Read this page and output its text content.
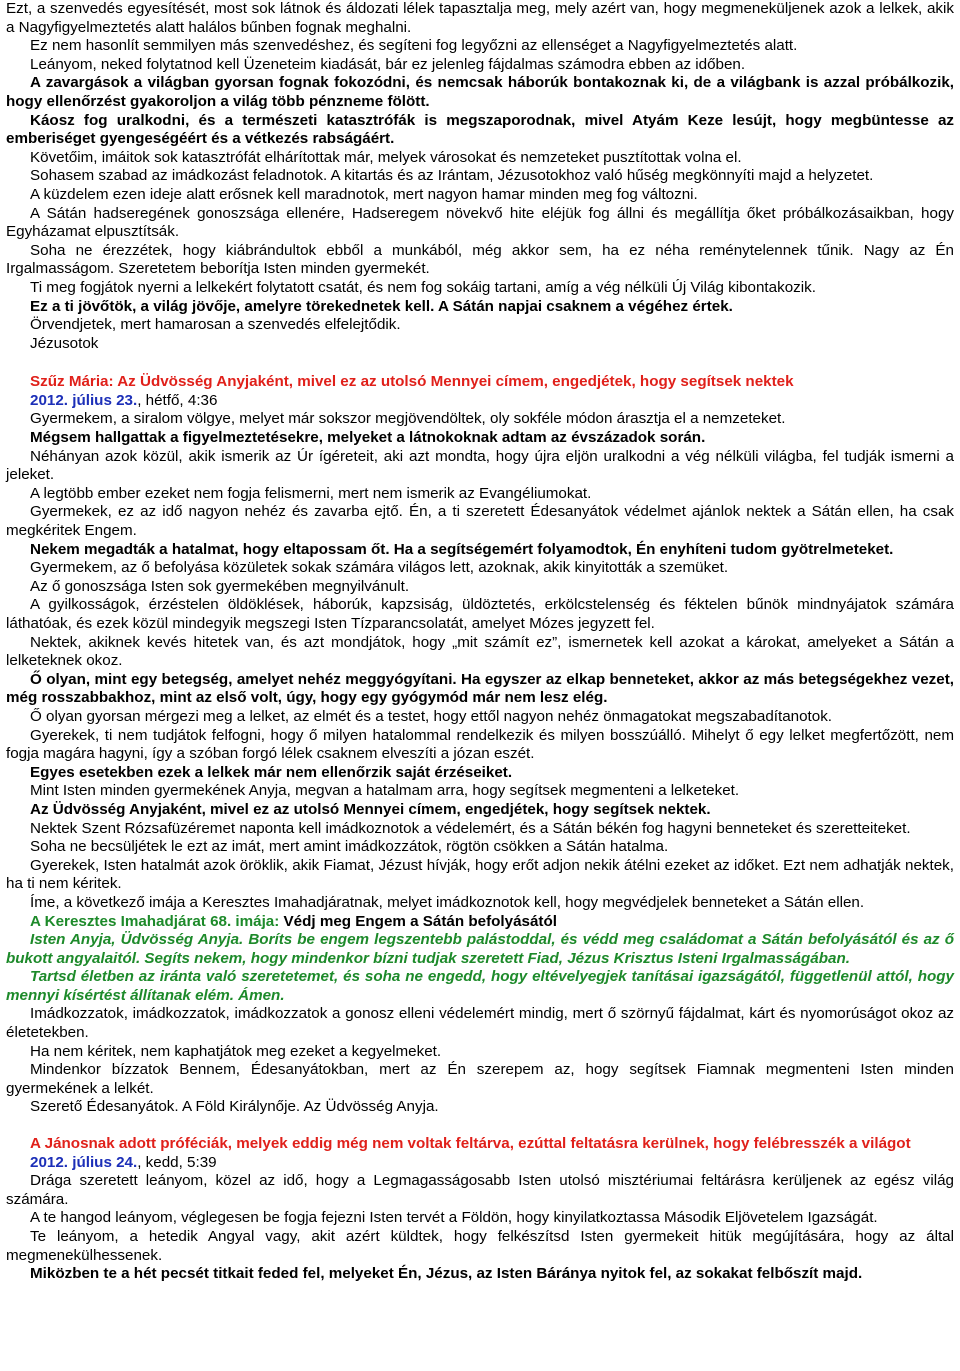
Ezt, a szenvedés egyesítését, most sok látnok és áldozati lélek tapasztalja meg, mely azért van, hogy megmeneküljenek azok a lelkek, akik a Nagyfigyelmeztetés alatt halálos bűnben fognak meghalni.

Ez nem hasonlít semmilyen más szenvedéshez, és segíteni fog legyőzni az ellenséget a Nagyfigyelmeztetés alatt.

Leányom, neked folytatnod kell Üzeneteim kiadását, bár ez jelenleg fájdalmas számodra ebben az időben.

A zavargások a világban gyorsan fognak fokozódni, és nemcsak háborúk bontakoznak ki, de a világbank is azzal próbálkozik, hogy ellenőrzést gyakoroljon a világ több pénzneme fölött.

Káosz fog uralkodni, és a természeti katasztrófák is megszaporodnak, mivel Atyám Keze lesújt, hogy megbüntesse az emberiséget gyengeségéért és a vétkezés rabságáért.

Követőim, imáitok sok katasztrófát elhárítottak már, melyek városokat és nemzeteket pusztítottak volna el.

Sohasem szabad az imádkozást feladnotok. A kitartás és az Irántam, Jézusotokhoz való hűség megkönnyíti majd a helyzetet.

A küzdelem ezen ideje alatt erősnek kell maradnotok, mert nagyon hamar minden meg fog változni.

A Sátán hadseregének gonoszsága ellenére, Hadseregem növekvő hite eléjük fog állni és megállítja őket próbálkozásaikban, hogy Egyházamat elpusztítsák.

Soha ne érezzétek, hogy kiábrándultok ebből a munkából, még akkor sem, ha ez néha reménytelennek tűnik. Nagy az Én Irgalmasságom. Szeretetem beborítja Isten minden gyermekét.

Ti meg fogjátok nyerni a lelkekért folytatott csatát, és nem fog sokáig tartani, amíg a vég nélküli Új Világ kibontakozik.

Ez a ti jövőtök, a világ jövője, amelyre törekednetek kell. A Sátán napjai csaknem a végéhez értek.

Örvendjetek, mert hamarosan a szenvedés elfelejtődik.

Jézusotok

Szűz Mária: Az Üdvösség Anyjaként, mivel ez az utolsó Mennyei címem, engedjétek, hogy segítsek nektek

2012. július 23., hétfő, 4:36

Gyermekem, a siralom völgye, melyet már sokszor megjövendöltek, oly sokféle módon árasztja el a nemzeteket.

Mégsem hallgattak a figyelmeztetésekre, melyeket a látnokoknak adtam az évszázadok során.

Néhányan azok közül, akik ismerik az Úr ígéreteit, aki azt mondta, hogy újra eljön uralkodni a vég nélküli világba, fel tudják ismerni a jeleket.

A legtöbb ember ezeket nem fogja felismerni, mert nem ismerik az Evangéliumokat.

Gyermekek, ez az idő nagyon nehéz és zavarba ejtő. Én, a ti szeretett Édesanyátok védelmet ajánlok nektek a Sátán ellen, ha csak megkéritek Engem.

Nekem megadták a hatalmat, hogy eltapossam őt. Ha a segítségemért folyamodtok, Én enyhíteni tudom gyötrelmeteket.

Gyermekem, az ő befolyása közületek sokak számára világos lett, azoknak, akik kinyitották a szemüket.

Az ő gonoszsága Isten sok gyermekében megnyilvánult.

A gyilkosságok, érzéstelen öldöklések, háborúk, kapzsiság, üldöztetés, erkölcstelenség és féktelen bűnök mindnyájatok számára láthatóak, és ezek közül mindegyik megszegi Isten Tízparancsolatát, amelyet Mózes jegyzett fel.

Nektek, akiknek kevés hitetek van, és azt mondjátok, hogy „mit számít ez”, ismernetek kell azokat a károkat, amelyeket a Sátán a lelketeknek okoz.

Ő olyan, mint egy betegség, amelyet nehéz meggyógyítani. Ha egyszer az elkap benneteket, akkor az más betegségekhez vezet, még rosszabbakhoz, mint az első volt, úgy, hogy egy gyógymód már nem lesz elég.

Ő olyan gyorsan mérgezi meg a lelket, az elmét és a testet, hogy ettől nagyon nehéz önmagatokat megszabadítanotok.

Gyerekek, ti nem tudjátok felfogni, hogy ő milyen hatalommal rendelkezik és milyen bosszúálló. Mihelyt ő egy lelket megfertőzött, nem fogja magára hagyni, így a szóban forgó lélek csaknem elveszíti a józan eszét.

Egyes esetekben ezek a lelkek már nem ellenőrzik saját érzéseiket.

Mint Isten minden gyermekének Anyja, megvan a hatalmam arra, hogy segítsek megmenteni a lelketeket.

Az Üdvösség Anyjaként, mivel ez az utolsó Mennyei címem, engedjétek, hogy segítsek nektek.

Nektek Szent Rózsafüzéremet naponta kell imádkoznotok a védelemért, és a Sátán békén fog hagyni benneteket és szeretteiteket.

Soha ne becsüljétek le ezt az imát, mert amint imádkozzátok, rögtön csökken a Sátán hatalma.

Gyerekek, Isten hatalmát azok öröklik, akik Fiamat, Jézust hívják, hogy erőt adjon nekik átélni ezeket az időket. Ezt nem adhatják nektek, ha ti nem kéritek.

Íme, a következő imája a Keresztes Imahadjáratnak, melyet imádkoznotok kell, hogy megvédjelek benneteket a Sátán ellen.

A Keresztes Imahadjárat 68. imája: Védj meg Engem a Sátán befolyásától

Isten Anyja, Üdvösség Anyja. Boríts be engem legszentebb palástoddal, és védd meg családomat a Sátán befolyásától és az ő bukott angyalaitól. Segíts nekem, hogy mindenkor bízni tudjak szeretett Fiad, Jézus Krisztus Isteni Irgalmasságában.

Tartsd életben az iránta való szeretetemet, és soha ne engedd, hogy eltévelyegjek tanításai igazságától, függetlenül attól, hogy mennyi kísértést állítanak elém. Ámen.

Imádkozzatok, imádkozzatok, imádkozzatok a gonosz elleni védelemért mindig, mert ő szörnyű fájdalmat, kárt és nyomorúságot okoz az életetekben.

Ha nem kéritek, nem kaphatjátok meg ezeket a kegyelmeket.

Mindenkor bízzatok Bennem, Édesanyátokban, mert az Én szerepem az, hogy segítsek Fiamnak megmenteni Isten minden gyermekének a lelkét.

Szerető Édesanyátok. A Föld Királynője. Az Üdvösség Anyja.

A Jánosnak adott próféciák, melyek eddig még nem voltak feltárva, ezúttal feltatásra kerülnek, hogy felébresszék a világot

2012. július 24., kedd, 5:39

Drága szeretett leányom, közel az idő, hogy a Legmagasságosabb Isten utolsó misztériumai feltárásra kerüljenek az egész világ számára.

A te hangod leányom, véglegesen be fogja fejezni Isten tervét a Földön, hogy kinyilatkoztassa Második Eljövetelem Igazságát.

Te leányom, a hetedik Angyal vagy, akit azért küldtek, hogy felkészítsd Isten gyermekeit hitük megújítására, hogy az által megmenekülhessenek.

Miközben te a hét pecsét titkait feded fel, melyeket Én, Jézus, az Isten Báránya nyitok fel, az sokakat felbőszít majd.
